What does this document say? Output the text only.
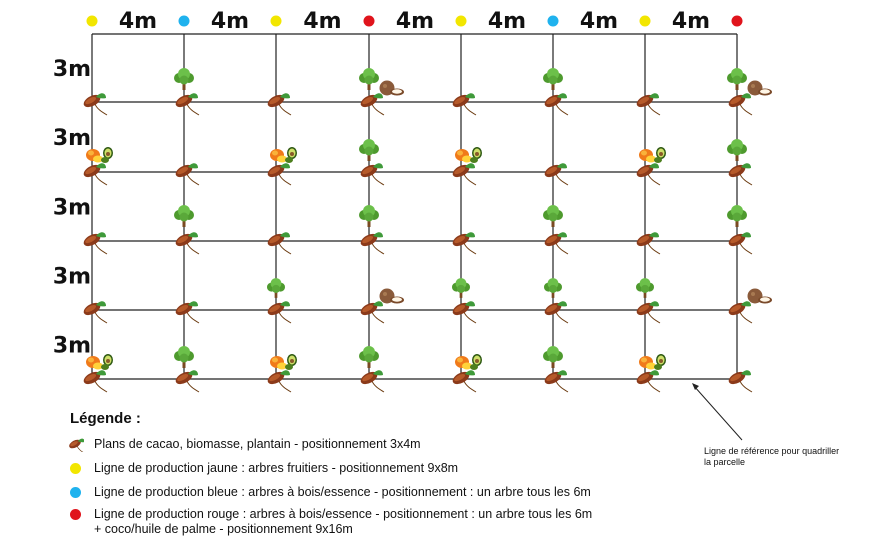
4m 4m 4m 4m 4m 4m 4m
3m
3m
3m
3m
3m
Légende :
Plans de cacao, biomasse, plantain - positionnement 3x4m
Ligne de production jaune : arbres fruitiers - positionnement 9x8m
Ligne de production bleue : arbres à bois/essence - positionnement : un arbre tous les 6m
Ligne de production rouge : arbres à bois/essence - positionnement : un arbre tous les 6m
+ coco/huile de palme - positionnement 9x16m
Ligne de référence pour quadriller
la parcelle
